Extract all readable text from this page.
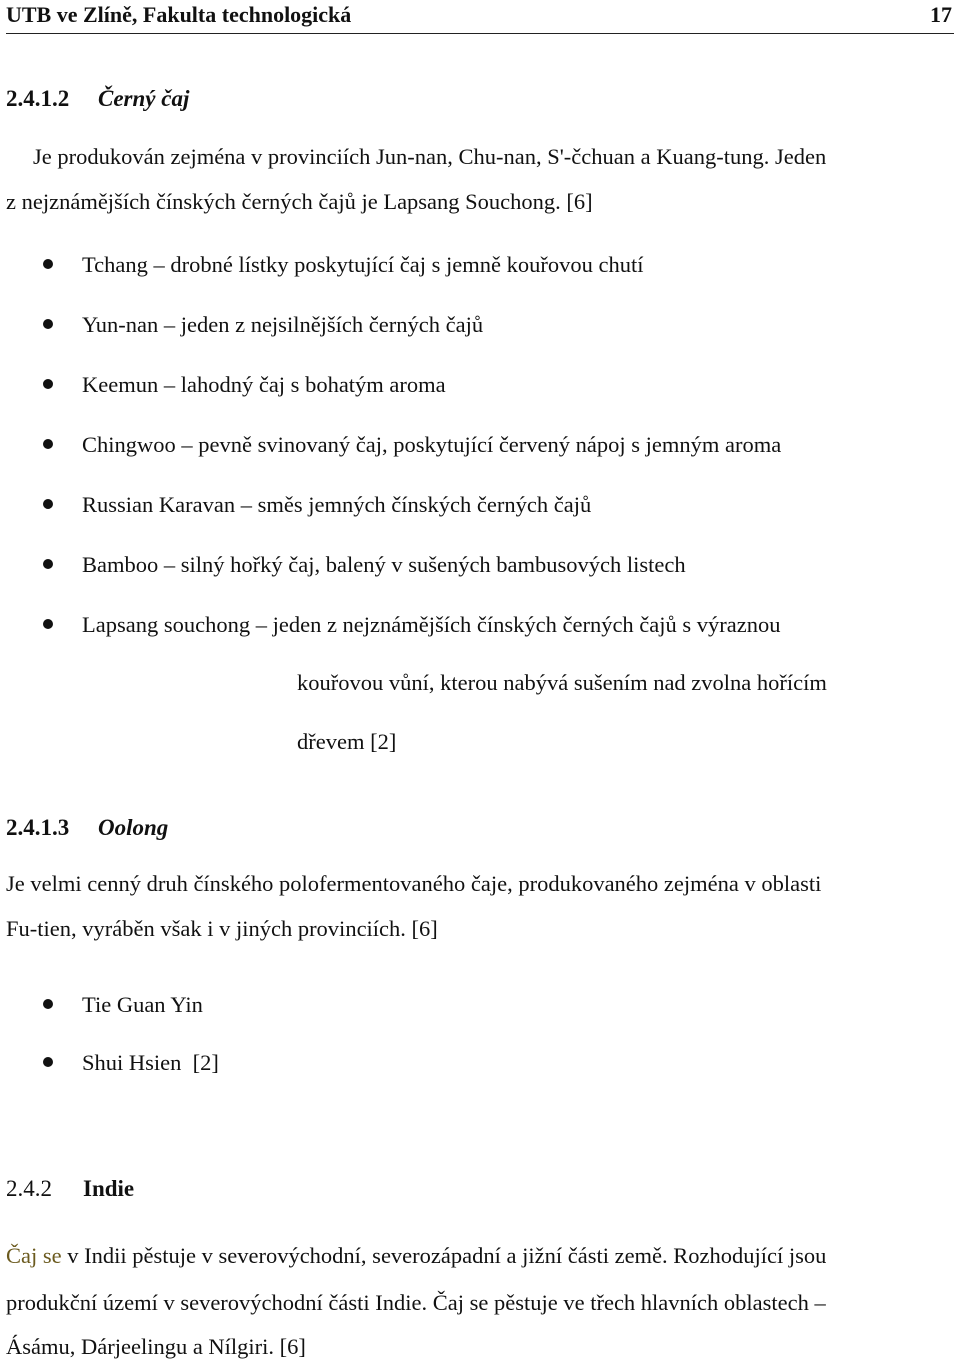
UTB ve Zlíně, Fakulta technologická	17
2.4.1.2 Černý čaj
Je produkován zejména v provinciích Jun-nan, Chu-nan, S'-čchuan a Kuang-tung. Jeden
z nejznámějších čínských černých čajů je Lapsang Souchong. [6]
Tchang – drobné lístky poskytující čaj s jemně kouřovou chutí
Yun-nan – jeden z nejsilnějších černých čajů
Keemun – lahodný čaj s bohatým aroma
Chingwoo – pevně svinovaný čaj, poskytující červený nápoj s jemným aroma
Russian Karavan – směs jemných čínských černých čajů
Bamboo – silný hořký čaj, balený v sušených bambusových listech
Lapsang souchong – jeden z nejznámějších čínských černých čajů s výraznou
kouřovou vůní, kterou nabývá sušením nad zvolna hořícím
dřevem [2]
2.4.1.3 Oolong
Je velmi cenný druh čínského polofermentovaného čaje, produkovaného zejména v oblasti
Fu-tien, vyráběn však i v jiných provinciích. [6]
Tie Guan Yin
Shui Hsien  [2]
2.4.2 Indie
Čaj se v Indii pěstuje v severovýchodní, severozápadní a jižní části země. Rozhodující jsou
produkční území v severovýchodní části Indie. Čaj se pěstuje ve třech hlavních oblastech –
Ásámu, Dárjeelingu a Nílgiri. [6]
